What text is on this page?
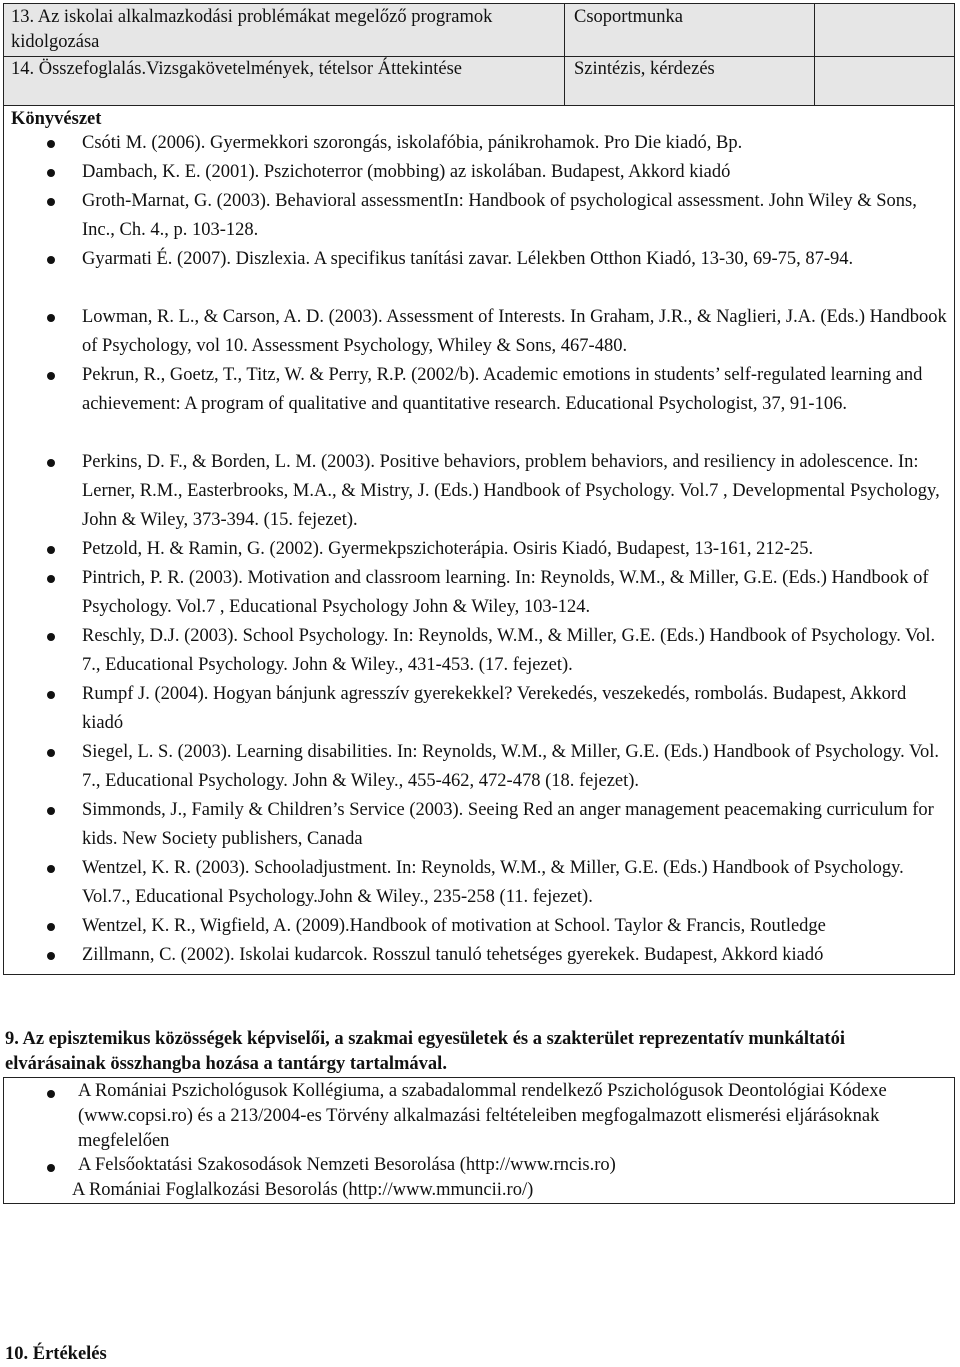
13. Az iskolai alkalmazkodási problémákat megelőző programok kidolgozása
Csoportmunka
14. Összefoglalás.Vizsgakövetelmények, tételsor Áttekintése	Szintézis, kérdezés
Könyvészet
Csóti M. (2006). Gyermekkori szorongás, iskolafóbia, pánikrohamok. Pro Die kiadó, Bp.
Dambach, K. E. (2001). Pszichoterror (mobbing) az iskolában. Budapest, Akkord kiadó
Groth-Marnat, G. (2003). Behavioral assessmentIn: Handbook of psychological assessment. John Wiley & Sons, Inc., Ch. 4., p. 103-128.
Gyarmati É. (2007). Diszlexia. A specifikus tanítási zavar. Lélekben Otthon Kiadó, 13-30, 69-75, 87-94.
Lowman, R. L., & Carson, A. D. (2003). Assessment of Interests. In Graham, J.R., & Naglieri, J.A. (Eds.) Handbook of Psychology, vol 10. Assessment Psychology, Whiley & Sons, 467-480.
Pekrun, R., Goetz, T., Titz, W. & Perry, R.P. (2002/b). Academic emotions in students’ self-regulated learning and achievement: A program of qualitative and quantitative research. Educational Psychologist, 37, 91-106.
Perkins, D. F., & Borden, L. M. (2003). Positive behaviors, problem behaviors, and resiliency in adolescence. In: Lerner, R.M., Easterbrooks, M.A., & Mistry, J. (Eds.) Handbook of Psychology. Vol.7 , Developmental Psychology, John & Wiley, 373-394. (15. fejezet).
Petzold, H. & Ramin, G. (2002). Gyermekpszichoterápia. Osiris Kiadó, Budapest, 13-161, 212-25.
Pintrich, P. R. (2003). Motivation and classroom learning. In: Reynolds, W.M., & Miller, G.E. (Eds.) Handbook of Psychology. Vol.7 , Educational Psychology John & Wiley, 103-124.
Reschly, D.J. (2003). School Psychology. In: Reynolds, W.M., & Miller, G.E. (Eds.) Handbook of Psychology. Vol. 7., Educational Psychology. John & Wiley., 431-453. (17. fejezet).
Rumpf J. (2004). Hogyan bánjunk agresszív gyerekekkel? Verekedés, veszekedés, rombolás. Budapest, Akkord kiadó
Siegel, L. S. (2003). Learning disabilities. In: Reynolds, W.M., & Miller, G.E. (Eds.) Handbook of Psychology. Vol. 7., Educational Psychology. John & Wiley., 455-462, 472-478 (18. fejezet).
Simmonds, J., Family & Children’s Service (2003). Seeing Red an anger management peacemaking curriculum for kids. New Society publishers, Canada
Wentzel, K. R. (2003). Schooladjustment. In: Reynolds, W.M., & Miller, G.E. (Eds.) Handbook of Psychology. Vol.7., Educational Psychology.John & Wiley., 235-258 (11. fejezet).
Wentzel, K. R., Wigfield, A. (2009).Handbook of motivation at School. Taylor & Francis, Routledge
Zillmann, C. (2002). Iskolai kudarcok. Rosszul tanuló tehetséges gyerekek. Budapest, Akkord kiadó
9. Az episztemikus közösségek képviselői, a szakmai egyesületek és a szakterület reprezentatív munkáltatói elvárásainak összhangba hozása a tantárgy tartalmával.
A Romániai Pszichológusok Kollégiuma, a szabadalommal rendelkező Pszichológusok Deontológiai Kódexe (www.copsi.ro) és a 213/2004-es Törvény alkalmazási feltételeiben megfogalmazott elismerési eljárásoknak megfelelően
A Felsőoktatási Szakosodások Nemzeti Besorolása (http://www.rncis.ro)
A Romániai Foglalkozási Besorolás (http://www.mmuncii.ro/)
10. Értékelés
